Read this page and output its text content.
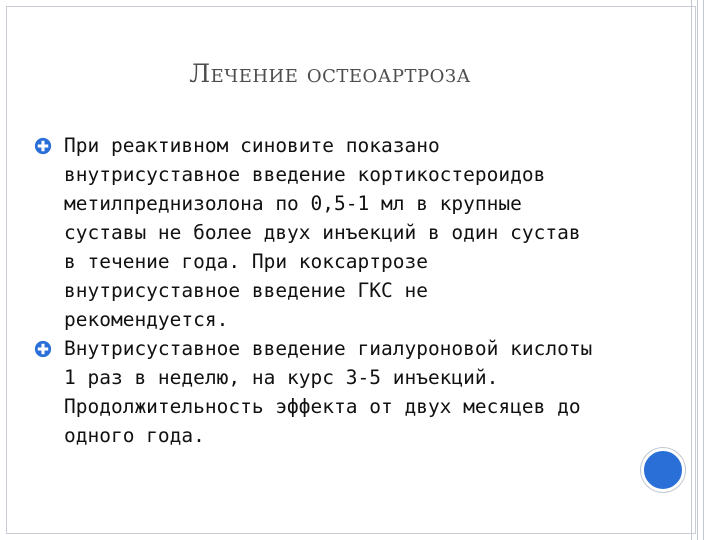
Лечение остеоартроза
При реактивном синовите показано внутрисуставное введение кортикостероидов метилпреднизолона по 0,5-1 мл в крупные суставы не более двух инъекций в один сустав в течение года. При коксартрозе внутрисуставное введение ГКС не рекомендуется.
Внутрисуставное введение гиалуроновой кислоты 1 раз в неделю, на курс 3-5 инъекций. Продолжительность эффекта от двух месяцев до одного года.
